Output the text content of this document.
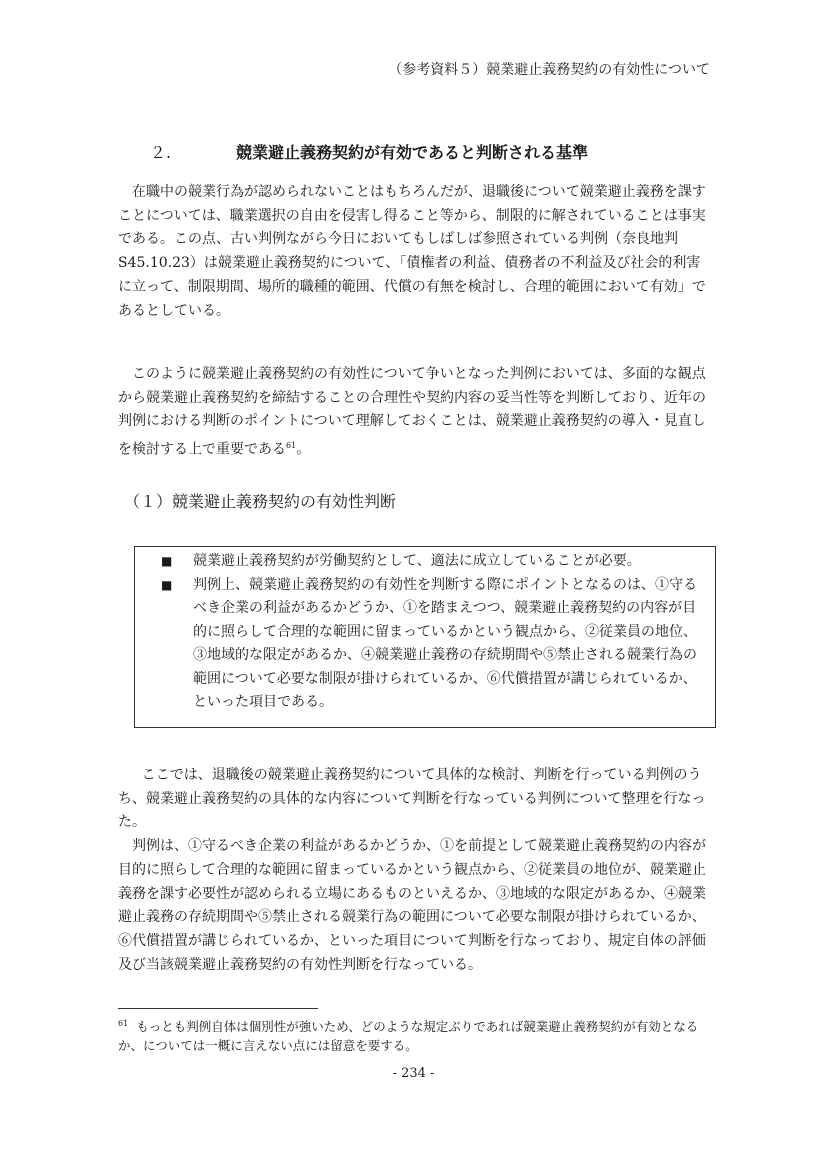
（参考資料５）競業避止義務契約の有効性について
２.	競業避止義務契約が有効であると判断される基準

在職中の競業行為が認められないことはもちろんだが、退職後について競業避止義務を課すことについては、職業選択の自由を侵害し得ること等から、制限的に解されていることは事実である。この点、古い判例ながら今日においてもしばしば参照されている判例（奈良地判 S45.10.23）は競業避止義務契約について、「債権者の利益、債務者の不利益及び社会的利害に立って、制限期間、場所的職種的範囲、代償の有無を検討し、合理的範囲において有効」であるとしている。

このように競業避止義務契約の有効性について争いとなった判例においては、多面的な観点から競業避止義務契約を締結することの合理性や契約内容の妥当性等を判断しており、近年の判例における判断のポイントについて理解しておくことは、競業避止義務契約の導入・見直しを検討する上で重要である$^{61}$。

（１）競業避止義務契約の有効性判断
■ 競業避止義務契約が労働契約として、適法に成立していることが必要。
■ 判例上、競業避止義務契約の有効性を判断する際にポイントとなるのは、①守るべき企業の利益があるかどうか、①を踏まえつつ、競業避止義務契約の内容が目的に照らして合理的な範囲に留まっているかという観点から、②従業員の地位、③地域的な限定があるか、④競業避止義務の存続期間や⑤禁止される競業行為の範囲について必要な制限が掛けられているか、⑥代償措置が講じられているか、といった項目である。

ここでは、退職後の競業避止義務契約について具体的な検討、判断を行っている判例のうち、競業避止義務契約の具体的な内容について判断を行なっている判例について整理を行なった。

判例は、①守るべき企業の利益があるかどうか、①を前提として競業避止義務契約の内容が目的に照らして合理的な範囲に留まっているかという観点から、②従業員の地位が、競業避止義務を課す必要性が認められる立場にあるものといえるか、③地域的な限定があるか、④競業避止義務の存続期間や⑤禁止される競業行為の範囲について必要な制限が掛けられているか、⑥代償措置が講じられているか、といった項目について判断を行なっており、規定自体の評価及び当該競業避止義務契約の有効性判断を行なっている。

$^{61}$ もっとも判例自体は個別性が強いため、どのような規定ぶりであれば競業避止義務契約が有効となるか、については一概に言えない点には留意を要する。
- 234 -
